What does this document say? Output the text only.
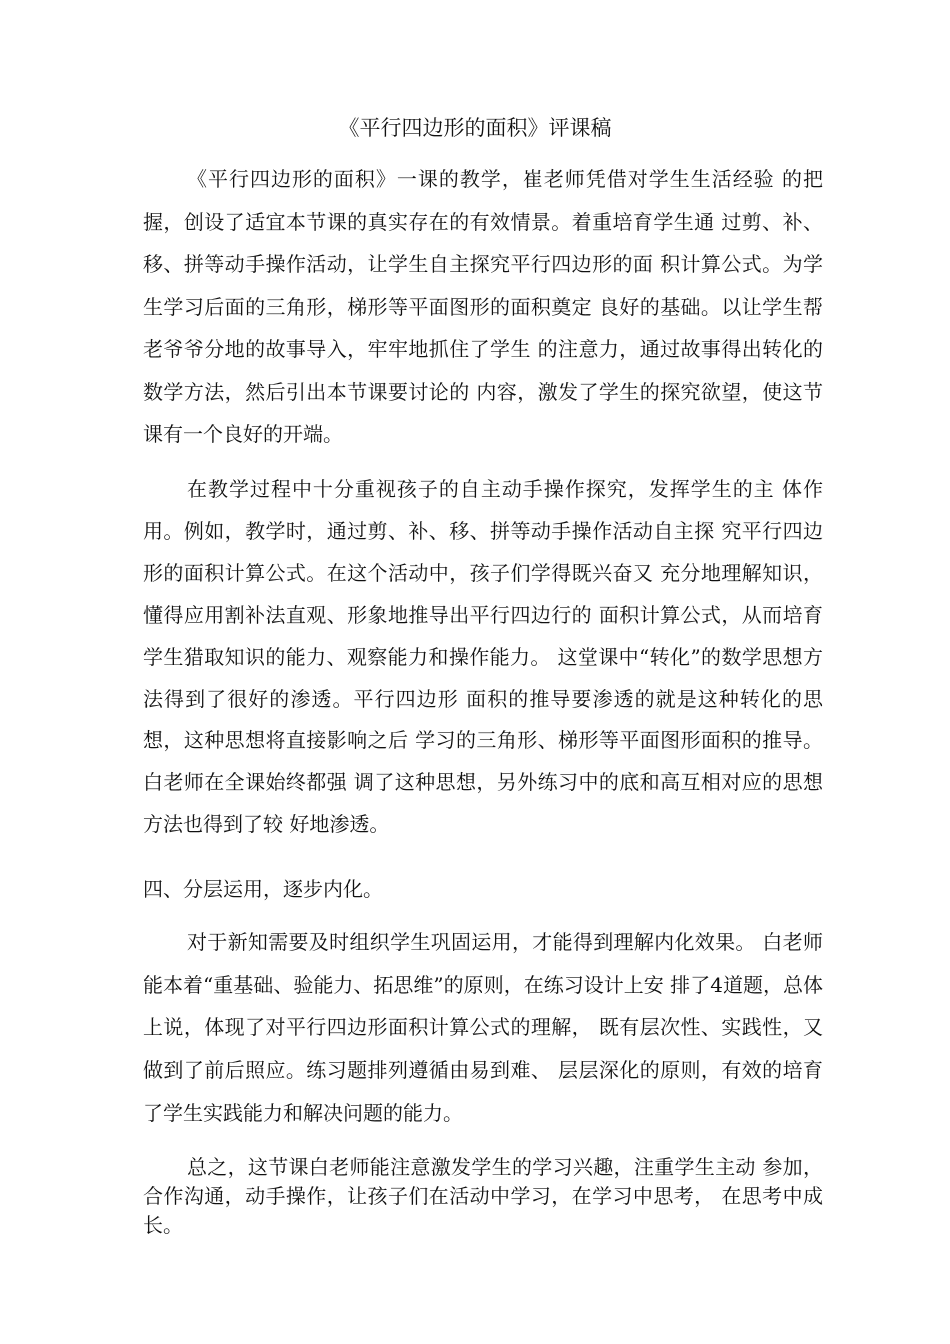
《平行四边形的面积》评课稿

《平行四边形的面积》一课的教学，崔老师凭借对学生生活经验 的把握，创设了适宜本节课的真实存在的有效情景。着重培育学生通 过剪、补、移、拼等动手操作活动，让学生自主探究平行四边形的面 积计算公式。为学生学习后面的三角形，梯形等平面图形的面积奠定 良好的基础。以让学生帮老爷爷分地的故事导入，牢牢地抓住了学生 的注意力，通过故事得出转化的数学方法，然后引出本节课要讨论的 内容，激发了学生的探究欲望，使这节课有一个良好的开端。

在教学过程中十分重视孩子的自主动手操作探究，发挥学生的主 体作用。例如，教学时，通过剪、补、移、拼等动手操作活动自主探 究平行四边形的面积计算公式。在这个活动中，孩子们学得既兴奋又 充分地理解知识，懂得应用割补法直观、形象地推导出平行四边行的 面积计算公式，从而培育学生猎取知识的能力、观察能力和操作能力。 这堂课中“转化”的数学思想方法得到了很好的渗透。平行四边形 面积的推导要渗透的就是这种转化的思想，这种思想将直接影响之后 学习的三角形、梯形等平面图形面积的推导。白老师在全课始终都强 调了这种思想，另外练习中的底和高互相对应的思想方法也得到了较 好地渗透。

四、分层运用，逐步内化。

对于新知需要及时组织学生巩固运用，才能得到理解内化效果。 白老师能本着“重基础、验能力、拓思维”的原则，在练习设计上安 排了4道题，总体上说，体现了对平行四边形面积计算公式的理解， 既有层次性、实践性，又做到了前后照应。练习题排列遵循由易到难、 层层深化的原则，有效的培育了学生实践能力和解决问题的能力。

总之，这节课白老师能注意激发学生的学习兴趣，注重学生主动 参加，合作沟通，动手操作，让孩子们在活动中学习，在学习中思考， 在思考中成长。
